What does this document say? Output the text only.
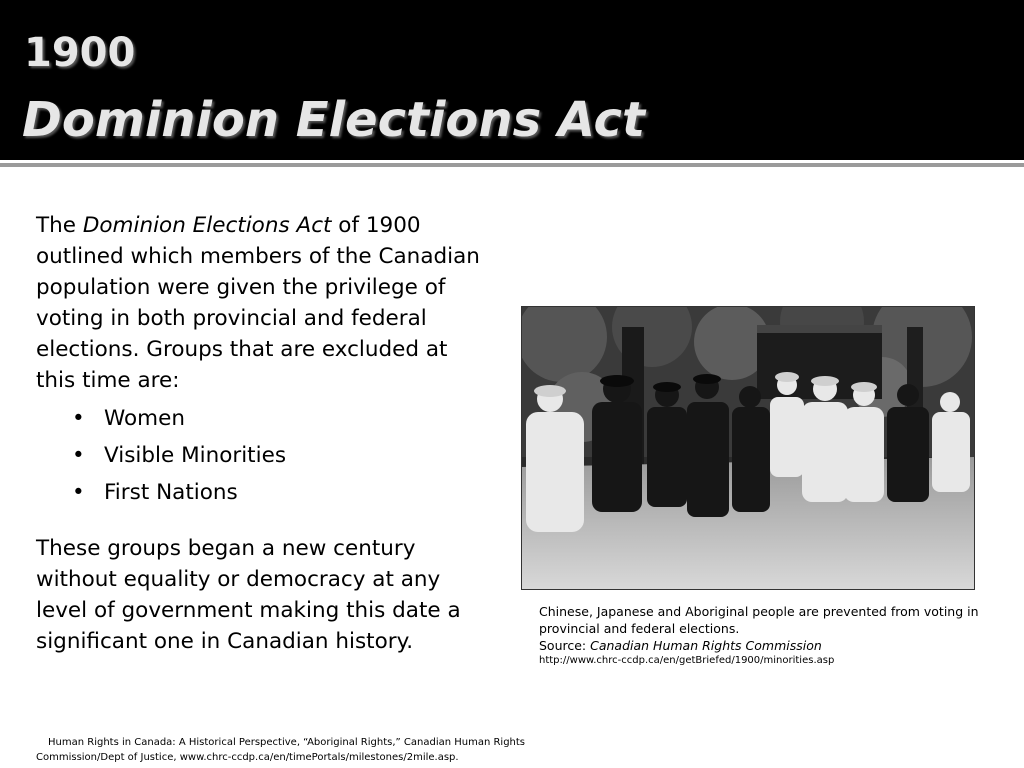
1900
Dominion Elections Act

The Dominion Elections Act of 1900 outlined which members of the Canadian population were given the privilege of voting in both provincial and federal elections. Groups that are excluded at this time are:

• Women
• Visible Minorities
• First Nations

These groups began a new century without equality or democracy at any level of government making this date a significant one in Canadian history.

Chinese, Japanese and Aboriginal people are prevented from voting in provincial and federal elections.
Source: Canadian Human Rights Commission
http://www.chrc-ccdp.ca/en/getBriefed/1900/minorities.asp
Human Rights in Canada: A Historical Perspective, “Aboriginal Rights,” Canadian Human Rights
Commission/Dept of Justice, www.chrc-ccdp.ca/en/timePortals/milestones/2mile.asp.
